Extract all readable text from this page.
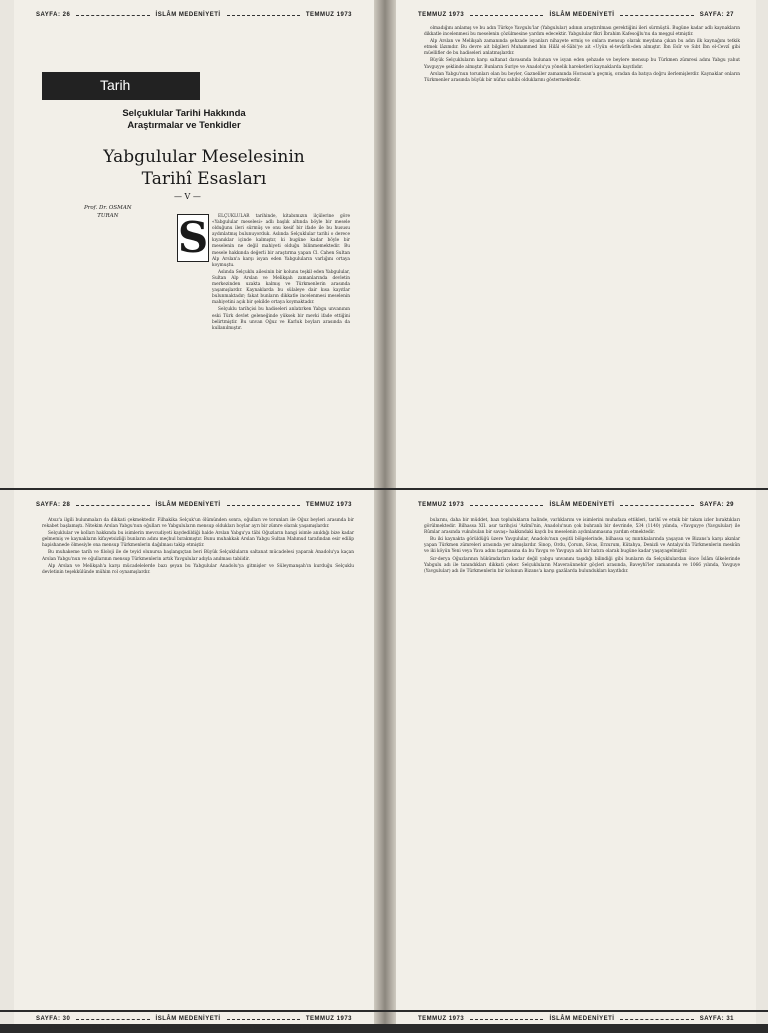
SAYFA: 26	İSLÂM MEDENİYETİ	TEMMUZ 1973
Tarih
Selçuklular Tarihi Hakkında
Araştırmalar ve Tenkidler
Yabgulular Meselesinin
Tarihî Esasları
— V —
Prof. Dr. OSMAN
TURAN	S	ELÇUKLULAR tarihinde, kitabımızın ilçülerine göre «Yabgulular meselesi» adlı başlık altında böyle bir mesele olduğunu ileri sürmüş ve onu kesif bir ifade ile bu hususu aydınlatmış bulunuyorduk. Aslında Selçuklular tarihi o derece kıyanıklar içinde kalmıştır, ki bugüne kadar böyle bir meselenin ne değil mahiyeti olduğu bilinmemektedir. Bu mesele hakkında değerli bir araştırma yapan Cl. Cahen Sultan Alp Arslan'a karşı isyan eden Yabguluların varlığını ortaya koymuştu.

Aslında Selçuklu ailesinin bir kolunu teşkil eden Yabgulular, Sultan Alp Arslan ve Melikşah zamanlarında devletin merkezinden uzakta kalmış ve Türkmenlerin arasında yaşamışlardır. Kaynaklarda bu sülaleye dair kısa kayıtlar bulunmaktadır; fakat bunların dikkatle incelenmesi meselenin mahiyetini açık bir şekilde ortaya koymaktadır.

Selçuklu tarihçisi bu hadiseleri anlatırken Yabgu unvanının eski Türk devlet geleneğinde yüksek bir mevki ifade ettiğini belirtmiştir. Bu unvan Oğuz ve Karluk boyları arasında da kullanılmıştır.

TEMMUZ 1973	İSLÂM MEDENİYETİ	SAYFA: 27

olmadığını anlamış ve bu adın Türkçe Yavguluʼlar (Yabgulular) adının araştırılması gerektiğini ileri sürmüştü. Bugüne kadar adlı kaynakların dikkatle incelenmesi bu meselenin çözülmesine yardım edecektir. Yabgulular fikri İbrahim Kafesoğlu'nu da meşgul etmiştir.

Alp Arslan ve Melikşah zamanında şehzade isyanları nihayete ermiş ve onlara mensup olarak meydana çıkan bu adın ilk kaynağını tetkik etmek lâzımdır. Bu devre ait bilgileri Muhammed bin Hilâl el-Sâbi'ye ait «Uyûn el-tevârîh»den almıştır. İbn Esîr ve Sıbt İbn el-Cevzî gibi müellifler de bu hadiseleri anlatmışlardır.

Büyük Selçukluların karşı saltanat davasında bulunan ve isyan eden şehzade ve beylere mensup bu Türkmen zümresi adını Yabgu yahut Yavguyye şeklinde almıştır. Bunların Suriye ve Anadolu'ya yönelik hareketleri kaynaklarda kayıtlıdır.

Arslan Yabgu'nun torunları olan bu beyler, Gazneliler zamanında Horasan'a geçmiş, oradan da batıya doğru ilerlemişlerdir. Kaynaklar onların Türkmenler arasında büyük bir nüfuz sahibi olduklarını göstermektedir.

SAYFA: 28	İSLÂM MEDENİYETİ	TEMMUZ 1973

Atsız'a ilgili bulunmaları da dikkati çekmektedir. Filhakika Selçuk'un ölümünden sonra, oğulları ve torunları ile Oğuz beyleri arasında bir rekabet başlamıştı. Nitekim Arslan Yabgu'nun oğulları ve Yabguluların mensup oldukları boylar ayrı bir zümre olarak yaşamışlardır.

Selçuklular ve kolları hakkında bu isimlerin mevcudiyeti kaydedildiği halde Arslan Yabgu'ya tâbi Oğuzların hangi isimle anıldığı bize kadar gelmemiş ve kaynakların kifayetsizliği bunların adını meçhul bırakmıştır. Bunu muhakkak Arslan Yabgu Sultan Mahmud tarafından esir edilip hapishanede ölmesiyle ona mensup Türkmenlerin dağılması takip etmiştir.

Bu muhakeme tarih ve filoloji ile de teyid olunursa başlangıçtan beri Büyük Selçukluların saltanat mücadelesi yaparak Anadolu'ya kaçan Arslan Yabgu'nun ve oğullarının mensup Türkmenlerin artık Yavgulular adıyla anılması tabiidir.

Alp Arslan ve Melikşah'a karşı mücadelelerde bazı şeyan bu Yabgulular Anadolu'ya gitmişler ve Süleymanşah'ın kurduğu Selçuklu devletinin teşekkülünde mühim rol oynamışlardır.

TEMMUZ 1973	İSLÂM MEDENİYETİ	SAYFA: 29

bularını, daha bir müddet, bazı toplulukların halinde, varlıklarını ve isimlerini muhafaza ettikleri, tarihî ve etnik bir takım izler bıraktıkları görülmektedir. Bilhassa XII. asır tarihçisi 'Azîmî'nin, Anadolu'nun çok buhranlı bir devrinde, 534 (1140) yılında, «Yavguyye (Yavgulular) ile Rûmlar arasında vukubulan bir savaş» hakkındaki kaydı bu meselenin aydınlanmasına yardım etmektedir.

Bu iki kaynakta görüldüğü üzere Yavgulular, Anadolu'nun çeşitli bölgelerinde, bilhassa uç mıntıkalarında yaşayan ve Bizans'a karşı akınlar yapan Türkmen zümreleri arasında yer almışlardır. Sinop, Ordu, Çorum, Sivas, Erzurum, Kütahya, Denizli ve Antalya'da Türkmenlerin meskûn ve iki köyün Yeni veya Yava adını taşımasına da bu Yavgu ve Yavguya adı bir hatıra olarak bugüne kadar yaşayagelmiştir.

Sır-derya Oğuzlarının hükümdarları kadar değil yabgu unvanını taşıdığı bilindiği gibi bunların da Selçuklulardan önce İslâm ülkelerinde Yabgulu adı ile tanındıkları dikkati çeker. Selçukluların Maveraünnehir göçleri arasında, Baveyhî'ler zamanında ve 1066 yılında, Yavguye (Yavgulular) adı ile Türkmenlerin bir kolunun Bizans'a karşı gazâlarda bulundukları kayıtlıdır.

SAYFA: 30	İSLÂM MEDENİYETİ	TEMMUZ 1973

gi-kent Yabgularına ait bu hareketler dolayısıyledir, ki Selçuklu devletinin kuruluşundan önce Yavgulular (Yavguyye) ın ve onlara dair kayıt-

TEMMUZ 1973	İSLÂM MEDENİYETİ	SAYFA: 31
